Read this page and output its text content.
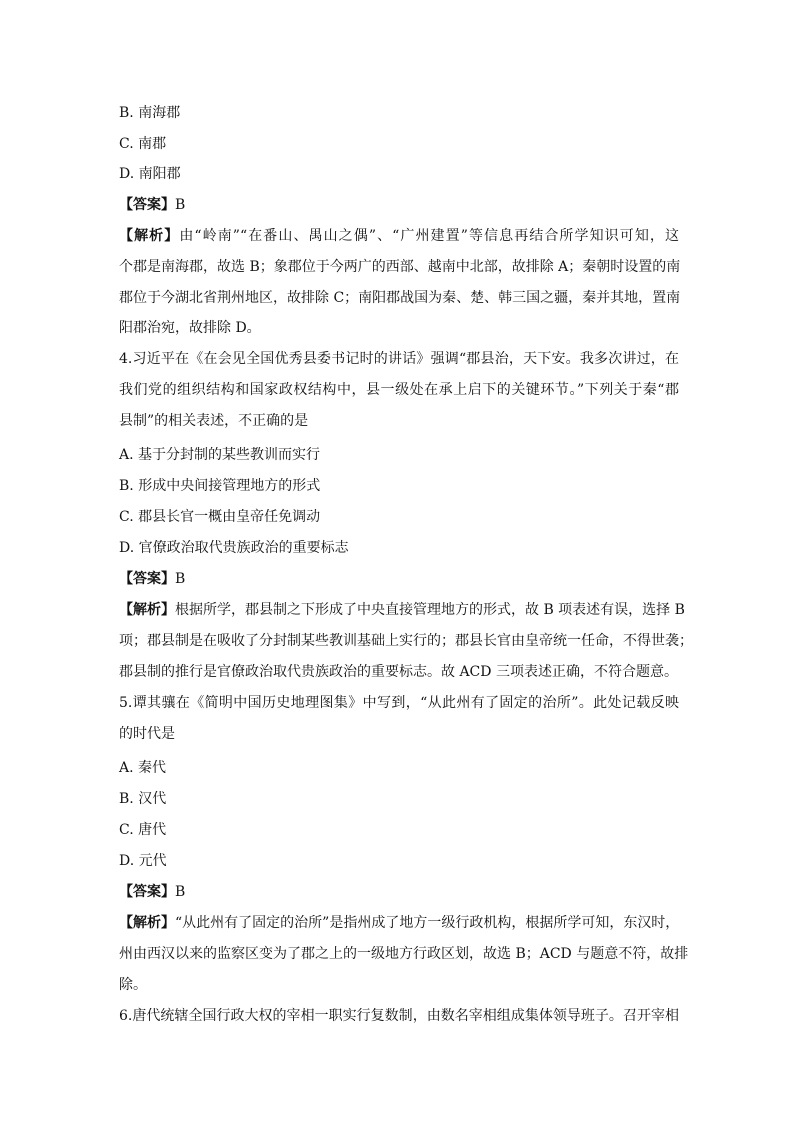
B. 南海郡
C. 南郡
D. 南阳郡
【答案】B
【解析】由“岭南”“在番山、禺山之偶”、“广州建置”等信息再结合所学知识可知，这
个郡是南海郡，故选 B；象郡位于今两广的西部、越南中北部，故排除 A；秦朝时设置的南
郡位于今湖北省荆州地区，故排除 C；南阳郡战国为秦、楚、韩三国之疆，秦并其地，置南
阳郡治宛，故排除 D。
4.习近平在《在会见全国优秀县委书记时的讲话》强调“郡县治，天下安。我多次讲过，在
我们党的组织结构和国家政权结构中，县一级处在承上启下的关键环节。”下列关于秦“郡
县制”的相关表述，不正确的是
A. 基于分封制的某些教训而实行
B. 形成中央间接管理地方的形式
C. 郡县长官一概由皇帝任免调动
D. 官僚政治取代贵族政治的重要标志
【答案】B
【解析】根据所学，郡县制之下形成了中央直接管理地方的形式，故 B 项表述有误，选择 B
项；郡县制是在吸收了分封制某些教训基础上实行的；郡县长官由皇帝统一任命，不得世袭；
郡县制的推行是官僚政治取代贵族政治的重要标志。故 ACD 三项表述正确，不符合题意。
5.谭其骧在《简明中国历史地理图集》中写到，“从此州有了固定的治所”。此处记载反映
的时代是
A. 秦代
B. 汉代
C. 唐代
D. 元代
【答案】B
【解析】“从此州有了固定的治所”是指州成了地方一级行政机构，根据所学可知，东汉时，
州由西汉以来的监察区变为了郡之上的一级地方行政区划，故选 B；ACD 与题意不符，故排
除。
6.唐代统辖全国行政大权的宰相一职实行复数制，由数名宰相组成集体领导班子。召开宰相
